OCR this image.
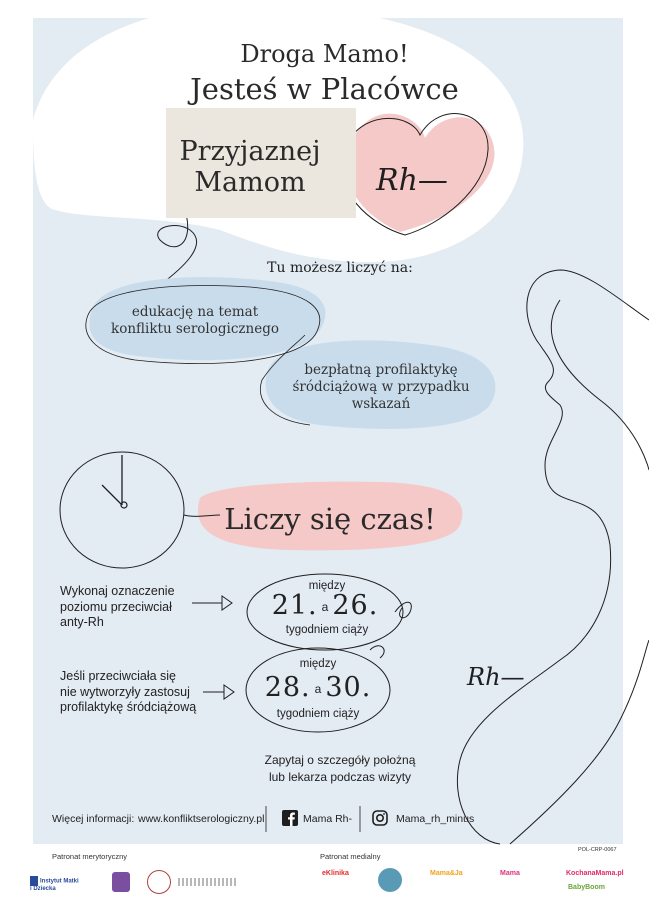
Droga Mamo!
Jesteś w Placówce
Przyjaznej
Mamom	Rh—
Tu możesz liczyć na:
edukację na temat
konfliktu serologicznego
bezpłatną profilaktykę
śródciążową w przypadku
wskazań
Liczy się czas!
Wykonaj oznaczenie
poziomu przeciwciał
anty-Rh
między
21. a 26.
tygodniem ciąży
Jeśli przeciwciała się
nie wytworzyły zastosuj
profilaktykę śródciążową
między
28. a 30.
tygodniem ciąży
Rh—
Zapytaj o szczegóły położną
lub lekarza podczas wizyty
Więcej informacji: www.konfliktserologiczny.pl	Mama Rh-	Mama_rh_minus
Patronat merytoryczny	Patronat medialny
POL-CRP-0067
Instytut Matki i Dziecka
eKlinika	Mama&Ja	Mama	KochanaMama.pl
BabyBoom
